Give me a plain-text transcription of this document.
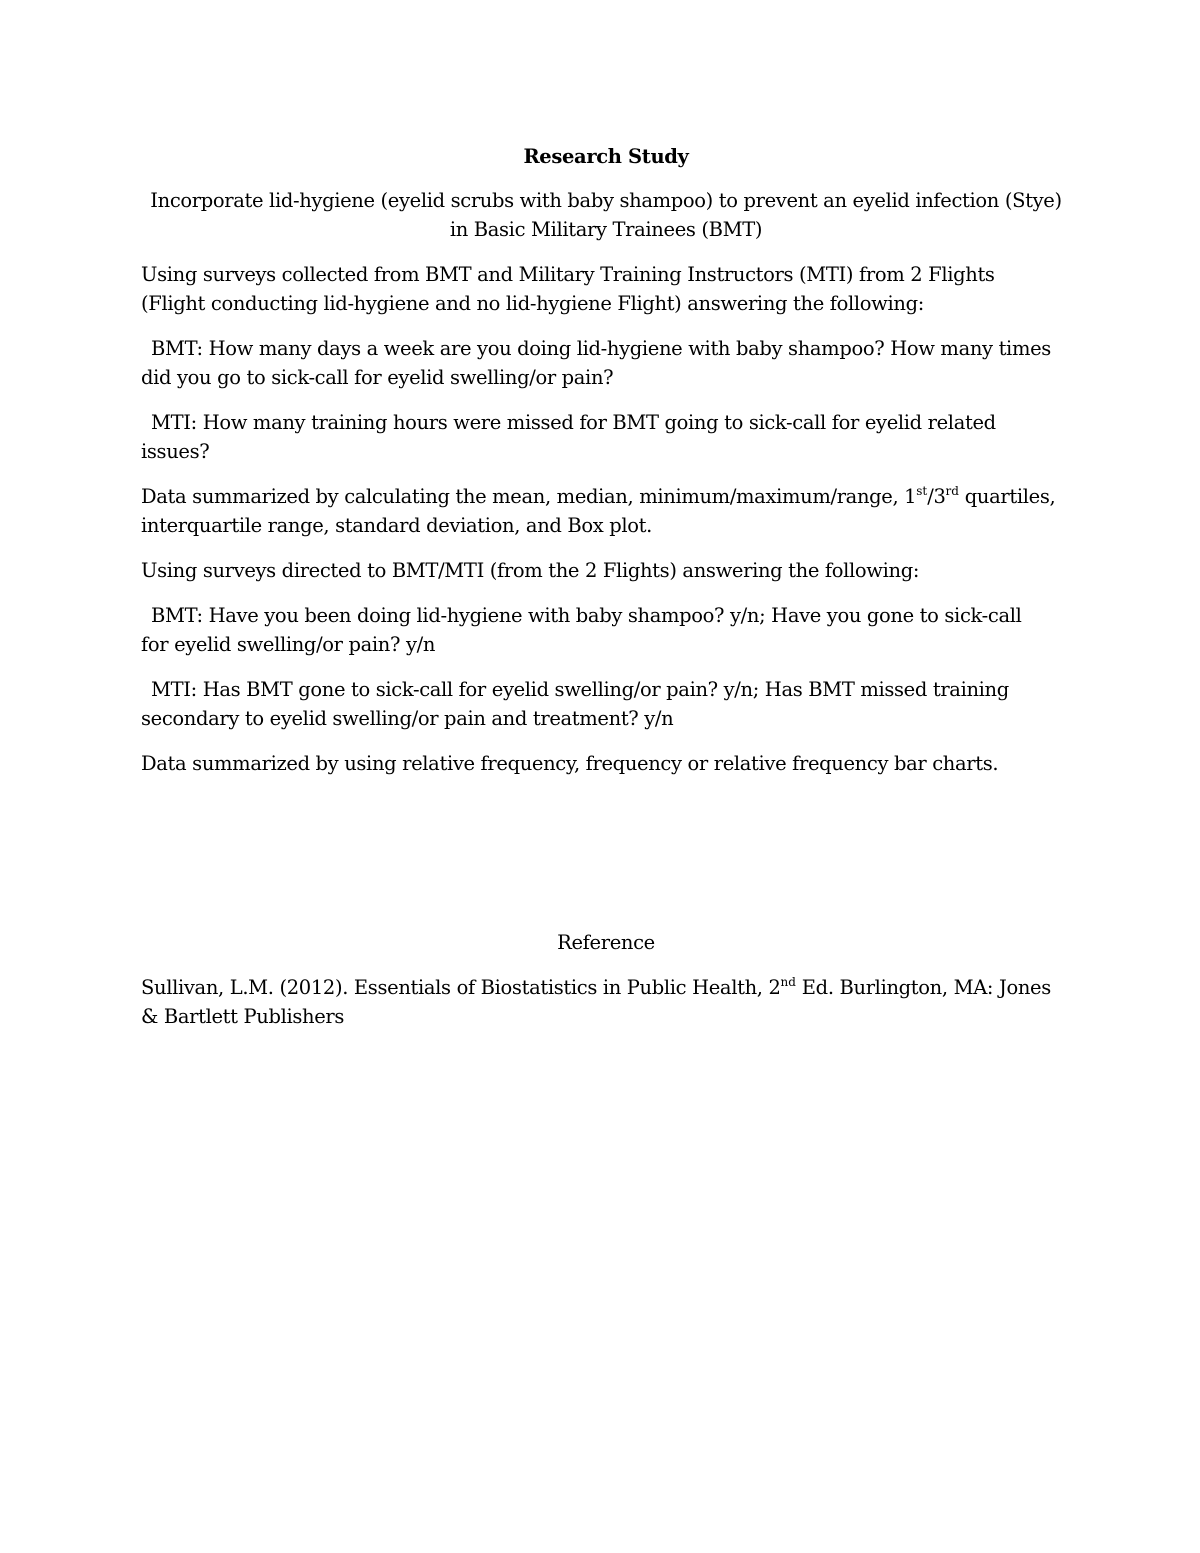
Research Study
Incorporate lid-hygiene (eyelid scrubs with baby shampoo) to prevent an eyelid infection (Stye)
in Basic Military Trainees (BMT)
Using surveys collected from BMT and Military Training Instructors (MTI) from 2 Flights
(Flight conducting lid-hygiene and no lid-hygiene Flight) answering the following:
BMT: How many days a week are you doing lid-hygiene with baby shampoo? How many times
did you go to sick-call for eyelid swelling/or pain?
MTI: How many training hours were missed for BMT going to sick-call for eyelid related
issues?
Data summarized by calculating the mean, median, minimum/maximum/range, 1st/3rd quartiles,
interquartile range, standard deviation, and Box plot.
Using surveys directed to BMT/MTI (from the 2 Flights) answering the following:
BMT: Have you been doing lid-hygiene with baby shampoo? y/n; Have you gone to sick-call
for eyelid swelling/or pain? y/n
MTI: Has BMT gone to sick-call for eyelid swelling/or pain? y/n; Has BMT missed training
secondary to eyelid swelling/or pain and treatment? y/n
Data summarized by using relative frequency, frequency or relative frequency bar charts.
Reference
Sullivan, L.M. (2012). Essentials of Biostatistics in Public Health, 2nd Ed. Burlington, MA: Jones
& Bartlett Publishers
